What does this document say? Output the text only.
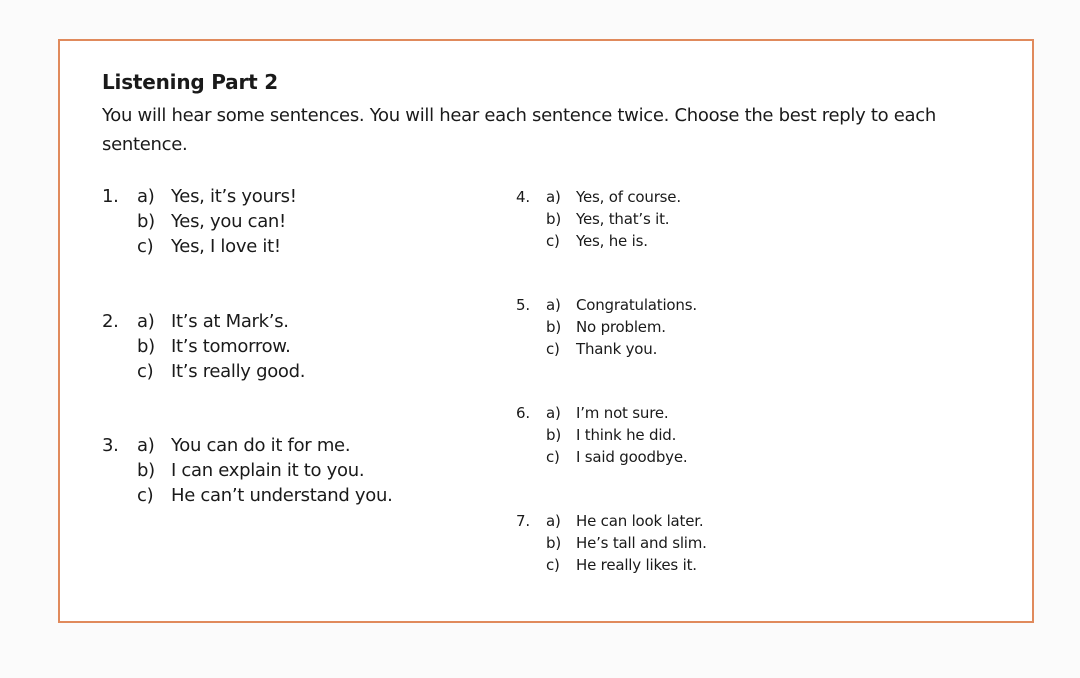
Listening Part 2
You will hear some sentences. You will hear each sentence twice. Choose the best reply to each sentence.
1. a) Yes, it’s yours!
b) Yes, you can!
c) Yes, I love it!
2. a) It’s at Mark’s.
b) It’s tomorrow.
c) It’s really good.
3. a) You can do it for me.
b) I can explain it to you.
c) He can’t understand you.
4. a) Yes, of course.
b) Yes, that’s it.
c) Yes, he is.
5. a) Congratulations.
b) No problem.
c) Thank you.
6. a) I’m not sure.
b) I think he did.
c) I said goodbye.
7. a) He can look later.
b) He’s tall and slim.
c) He really likes it.
